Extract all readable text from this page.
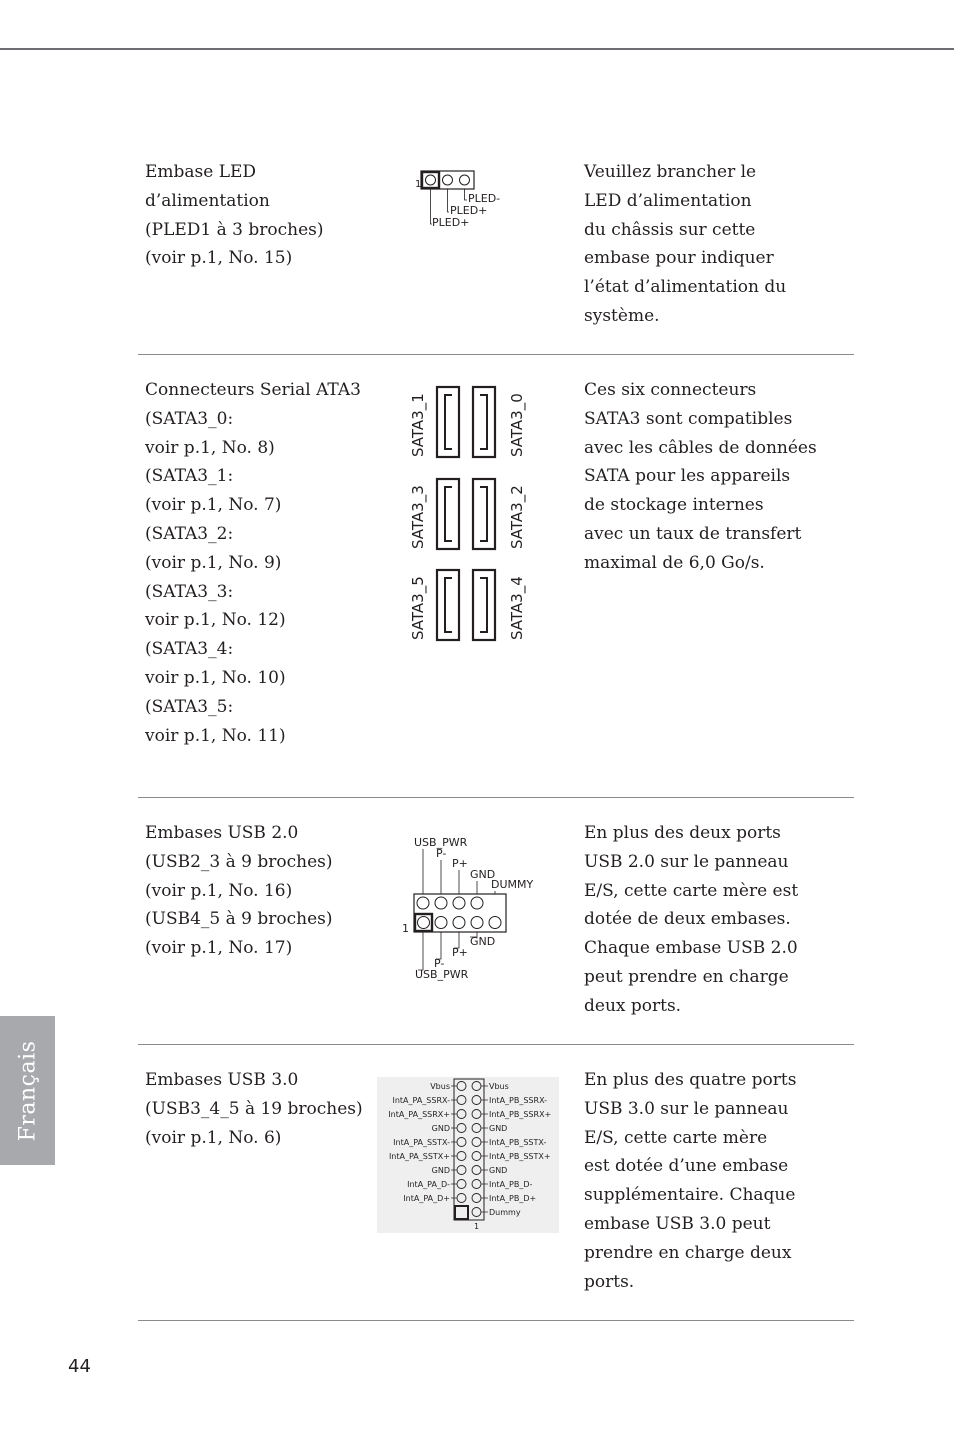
Embase LED
d’alimentation
(PLED1 à 3 broches)
(voir p.1, No. 15)
1
PLED-
PLED+
PLED+
Veuillez brancher le
LED d’alimentation
du châssis sur cette
embase pour indiquer
l’état d’alimentation du
système.
Connecteurs Serial ATA3
(SATA3_0:
voir p.1, No. 8)
(SATA3_1:
(voir p.1, No. 7)
(SATA3_2:
(voir p.1, No. 9)
(SATA3_3:
voir p.1, No. 12)
(SATA3_4:
voir p.1, No. 10)
(SATA3_5:
voir p.1, No. 11)
SATA3_1	SATA3_0
SATA3_3	SATA3_2
SATA3_5	SATA3_4
Ces six connecteurs
SATA3 sont compatibles
avec les câbles de données
SATA pour les appareils
de stockage internes
avec un taux de transfert
maximal de 6,0 Go/s.
Embases USB 2.0
(USB2_3 à 9 broches)
(voir p.1, No. 16)
(USB4_5 à 9 broches)
(voir p.1, No. 17)
USB_PWR
P-
P+
GND
DUMMY
1
GND
P+
P-
USB_PWR
En plus des deux ports
USB 2.0 sur le panneau
E/S, cette carte mère est
dotée de deux embases.
Chaque embase USB 2.0
peut prendre en charge
deux ports.
Embases USB 3.0
(USB3_4_5 à 19 broches)
(voir p.1, No. 6)
Vbus
IntA_PA_SSRX-
IntA_PA_SSRX+
GND
IntA_PA_SSTX-
IntA_PA_SSTX+
GND
IntA_PA_D-
IntA_PA_D+
Vbus
IntA_PB_SSRX-
IntA_PB_SSRX+
GND
IntA_PB_SSTX-
IntA_PB_SSTX+
GND
IntA_PB_D-
IntA_PB_D+
Dummy
1
En plus des quatre ports
USB 3.0 sur le panneau
E/S, cette carte mère
est dotée d’une embase
supplémentaire. Chaque
embase USB 3.0 peut
prendre en charge deux
ports.
Français
44
